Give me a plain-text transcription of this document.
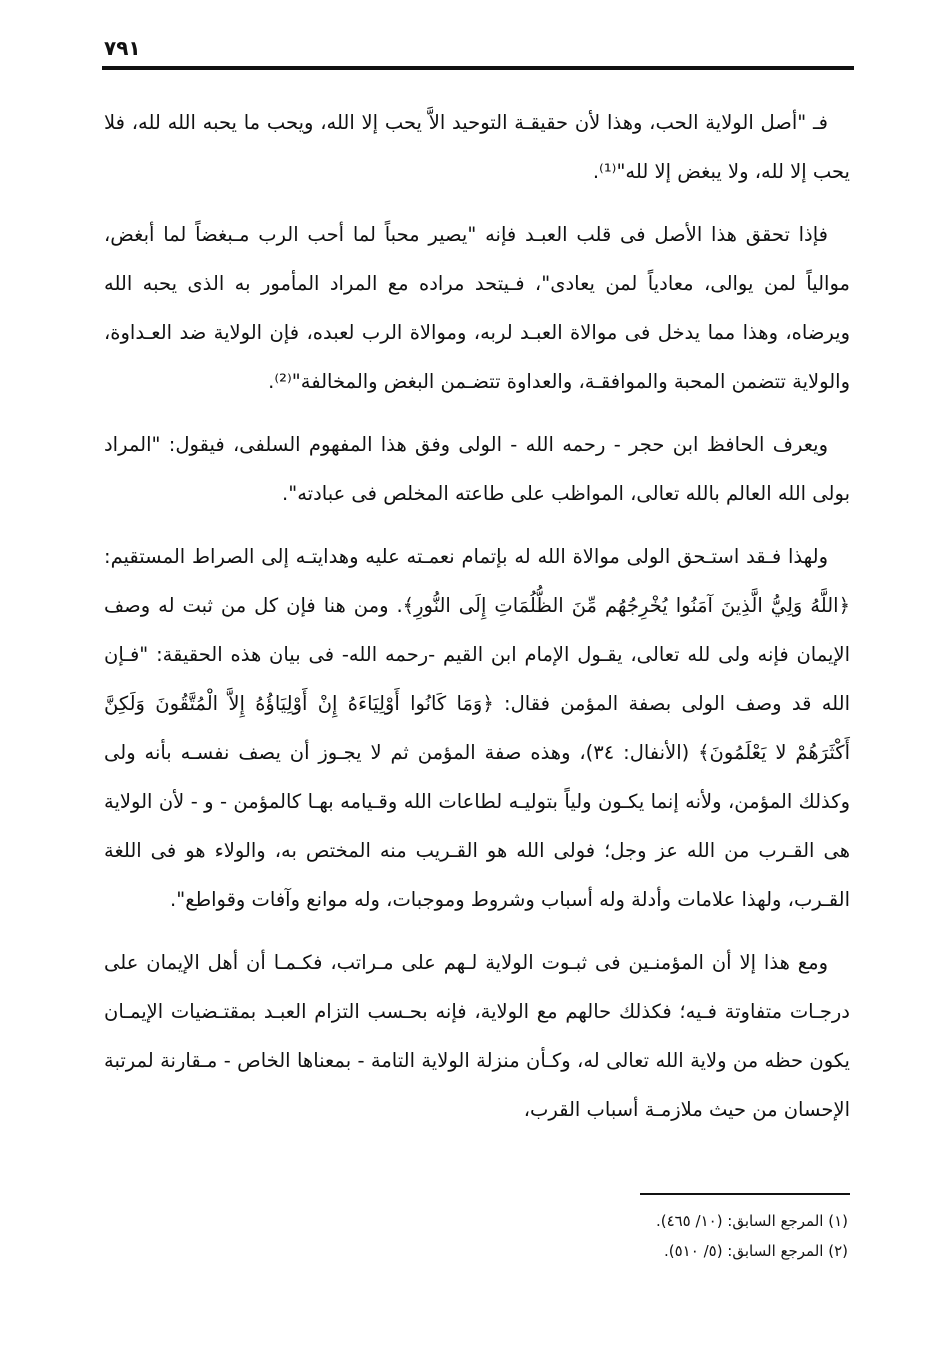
٧٩١

فـ "أصل الولاية الحب، وهذا لأن حقيقـة التوحيد الاَّ يحب إلا الله، ويحب ما يحبه الله لله، فلا يحب إلا لله، ولا يبغض إلا لله"⁽¹⁾.

فإذا تحقق هذا الأصل فى قلب العبـد فإنه "يصير محباً لما أحب الرب مـبغضاً لما أبغض، موالياً لمن يوالى، معادياً لمن يعادى"، فـيتحد مراده مع المراد المأمور به الذى يحبه الله ويرضاه، وهذا مما يدخل فى موالاة العبـد لربه، وموالاة الرب لعبده، فإن الولاية ضد العـداوة، والولاية تتضمن المحبة والموافقـة، والعداوة تتضـمن البغض والمخالفة"⁽²⁾.

ويعرف الحافظ ابن حجر - رحمه الله - الولى وفق هذا المفهوم السلفى، فيقول: "المراد بولى الله العالم بالله تعالى، المواظب على طاعته المخلص فى عبادته".

ولهذا فـقد استـحق الولى موالاة الله له بإتمام نعمـته عليه وهدايتـه إلى الصراط المستقيم: ﴿اللَّهُ وَلِيُّ الَّذِينَ آمَنُوا يُخْرِجُهُم مِّنَ الظُّلُمَاتِ إِلَى النُّورِ﴾. ومن هنا فإن كل من ثبت له وصف الإيمان فإنه ولى لله تعالى، يقـول الإمام ابن القيم -رحمه الله- فى بيان هذه الحقيقة: "فـإن الله قد وصف الولى بصفة المؤمن فقال: ﴿وَمَا كَانُوا أَوْلِيَاءَهُ إِنْ أَوْلِيَاؤُهُ إِلاَّ الْمُتَّقُونَ وَلَكِنَّ أَكْثَرَهُمْ لا يَعْلَمُونَ﴾ (الأنفال: ٣٤)، وهذه صفة المؤمن ثم لا يجـوز أن يصف نفسـه بأنه ولى وكذلك المؤمن، ولأنه إنما يكـون ولياً بتوليـه لطاعات الله وقـيامه بهـا كالمؤمن - و - لأن الولاية هى القـرب من الله عز وجل؛ فولى الله هو القـريب منه المختص به، والولاء هو فى اللغة القـرب، ولهذا علامات وأدلة وله أسباب وشروط وموجبات، وله موانع وآفات وقواطع".

ومع هذا إلا أن المؤمنـين فى ثبـوت الولاية لـهم على مـراتب، فكـمـا أن أهل الإيمان على درجـات متفاوتة فـيه؛ فكذلك حالهم مع الولاية، فإنه بحـسب التزام العبـد بمقتـضيات الإيمـان يكون حظه من ولاية الله تعالى له، وكـأن منزلة الولاية التامة - بمعناها الخاص - مـقارنة لمرتبة الإحسان من حيث ملازمـة أسباب القرب،

(١) المرجع السابق: (١٠/ ٤٦٥).
(٢) المرجع السابق: (٥/ ٥١٠).
